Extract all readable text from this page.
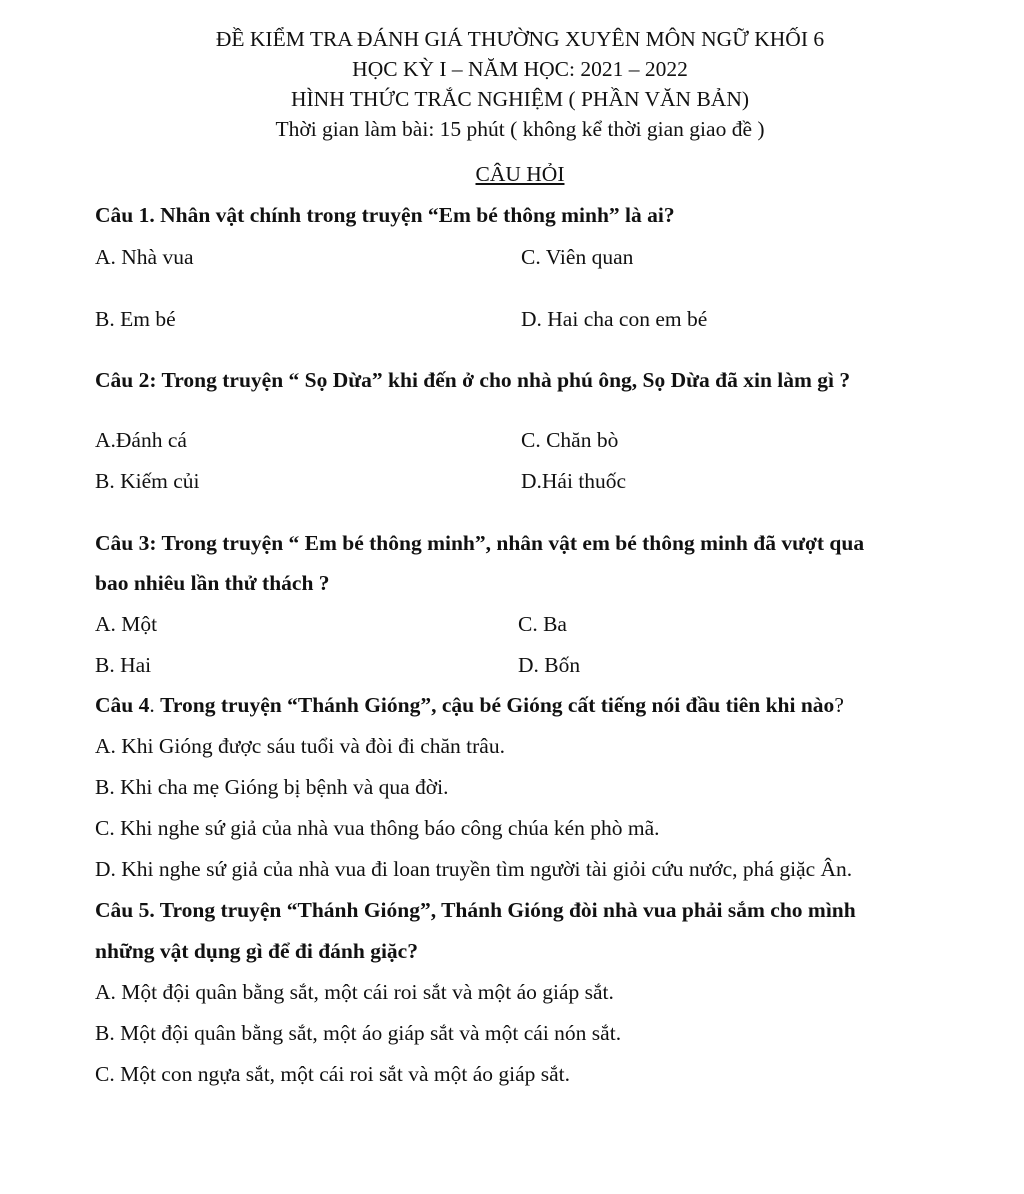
ĐỀ KIỂM TRA ĐÁNH GIÁ THƯỜNG XUYÊN MÔN NGỮ KHỐI 6
HỌC KỲ I – NĂM HỌC: 2021 – 2022
HÌNH THỨC TRẮC NGHIỆM ( PHẦN VĂN BẢN)
Thời gian làm bài: 15 phút ( không kể thời gian giao đề )
CÂU HỎI
Câu 1. Nhân vật chính trong truyện “Em bé thông minh” là ai?
A. Nhà vua	C. Viên quan
B. Em bé	D. Hai cha con em bé
Câu 2: Trong truyện “ Sọ Dừa” khi đến ở cho nhà phú ông, Sọ Dừa đã xin làm gì ?
A.Đánh cá	C. Chăn bò
B. Kiếm củi	D.Hái thuốc
Câu 3: Trong truyện “ Em bé thông minh”, nhân vật em bé thông minh đã vượt qua
bao nhiêu lần thử thách ?
A. Một	C. Ba
B. Hai	D. Bốn
Câu 4. Trong truyện “Thánh Gióng”, cậu bé Gióng cất tiếng nói đầu tiên khi nào?
A. Khi Gióng được sáu tuổi và đòi đi chăn trâu.
B. Khi cha mẹ Gióng bị bệnh và qua đời.
C. Khi nghe sứ giả của nhà vua thông báo công chúa kén phò mã.
D. Khi nghe sứ giả của nhà vua đi loan truyền tìm người tài giỏi cứu nước, phá giặc Ân.
Câu 5. Trong truyện “Thánh Gióng”, Thánh Gióng đòi nhà vua phải sắm cho mình
những vật dụng gì để đi đánh giặc?
A. Một đội quân bằng sắt, một cái roi sắt và một áo giáp sắt.
B. Một đội quân bằng sắt, một áo giáp sắt và một cái nón sắt.
C. Một con ngựa sắt, một cái roi sắt và một áo giáp sắt.
